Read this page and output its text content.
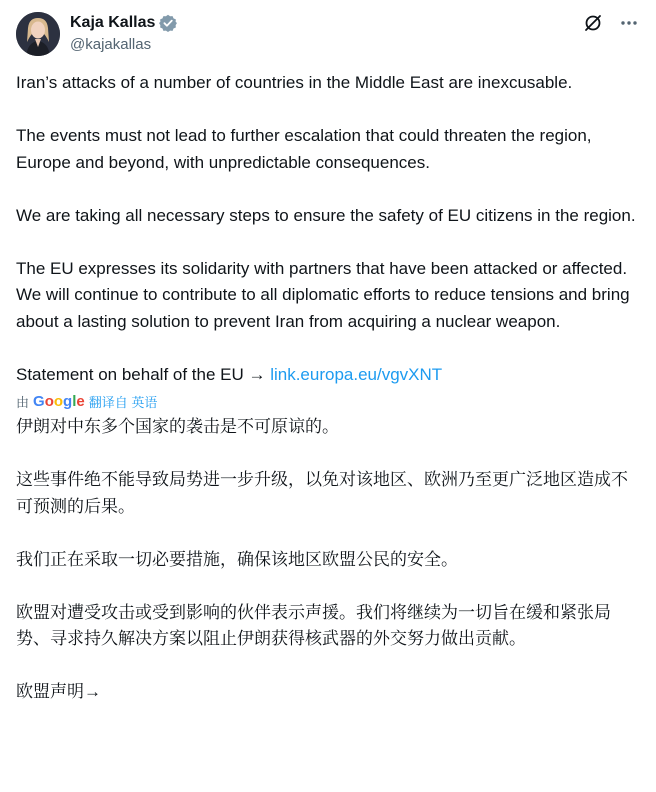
Kaja Kallas
@kajakallas

Iran’s attacks of a number of countries in the Middle East are inexcusable.

The events must not lead to further escalation that could threaten the region, Europe and beyond, with unpredictable consequences.

We are taking all necessary steps to ensure the safety of EU citizens in the region.

The EU expresses its solidarity with partners that have been attacked or affected. We will continue to contribute to all diplomatic efforts to reduce tensions and bring about a lasting solution to prevent Iran from acquiring a nuclear weapon.

Statement on behalf of the EU → link.europa.eu/vgvXNT

由 Google 翻译自 英语

伊朗对中东多个国家的袭击是不可原谅的。

这些事件绝不能导致局势进一步升级，以免对该地区、欧洲乃至更广泛地区造成不可预测的后果。

我们正在采取一切必要措施，确保该地区欧盟公民的安全。

欧盟对遭受攻击或受到影响的伙伴表示声援。我们将继续为一切旨在缓和紧张局势、寻求持久解决方案以阻止伊朗获得核武器的外交努力做出贡献。

欧盟声明→
